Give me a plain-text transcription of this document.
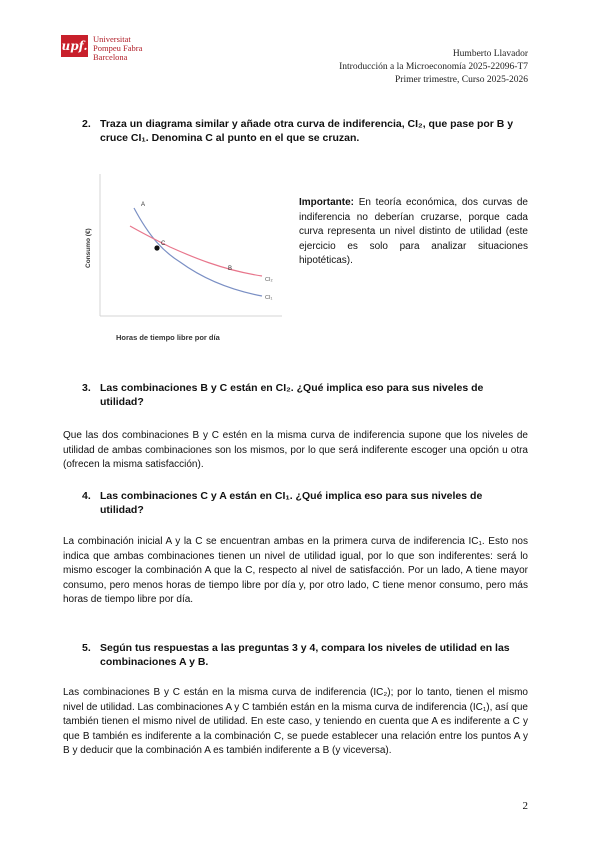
upf. Universitat
Pompeu Fabra
Barcelona	Humberto Llavador
Introducción a la Microeconomía 2025-22096-T7
Primer trimestre, Curso 2025-2026
2. Traza un diagrama similar y añade otra curva de indiferencia, CI₂, que pase por B y cruce CI₁. Denomina C al punto en el que se cruzan.
A
C
B
CI₂
CI₁
Consumo (€)
Horas de tiempo libre por día
Importante: En teoría económica, dos curvas de indiferencia no deberían cruzarse, porque cada curva representa un nivel distinto de utilidad (este ejercicio es solo para analizar situaciones hipotéticas).
3. Las combinaciones B y C están en CI₂. ¿Qué implica eso para sus niveles de utilidad?
Que las dos combinaciones B y C estén en la misma curva de indiferencia supone que los niveles de utilidad de ambas combinaciones son los mismos, por lo que será indiferente escoger una opción u otra (ofrecen la misma satisfacción).
4. Las combinaciones C y A están en CI₁. ¿Qué implica eso para sus niveles de utilidad?
La combinación inicial A y la C se encuentran ambas en la primera curva de indiferencia IC₁. Esto nos indica que ambas combinaciones tienen un nivel de utilidad igual, por lo que son indiferentes: será lo mismo escoger la combinación A que la C, respecto al nivel de satisfacción. Por un lado, A tiene mayor consumo, pero menos horas de tiempo libre por día y, por otro lado, C tiene menor consumo, pero más horas de tiempo libre por día.
5. Según tus respuestas a las preguntas 3 y 4, compara los niveles de utilidad en las combinaciones A y B.
Las combinaciones B y C están en la misma curva de indiferencia (IC₂); por lo tanto, tienen el mismo nivel de utilidad. Las combinaciones A y C también están en la misma curva de indiferencia (IC₁), así que también tienen el mismo nivel de utilidad. En este caso, y teniendo en cuenta que A es indiferente a C y que B también es indiferente a la combinación C, se puede establecer una relación entre los puntos A y B y deducir que la combinación A es también indiferente a B (y viceversa).
2
